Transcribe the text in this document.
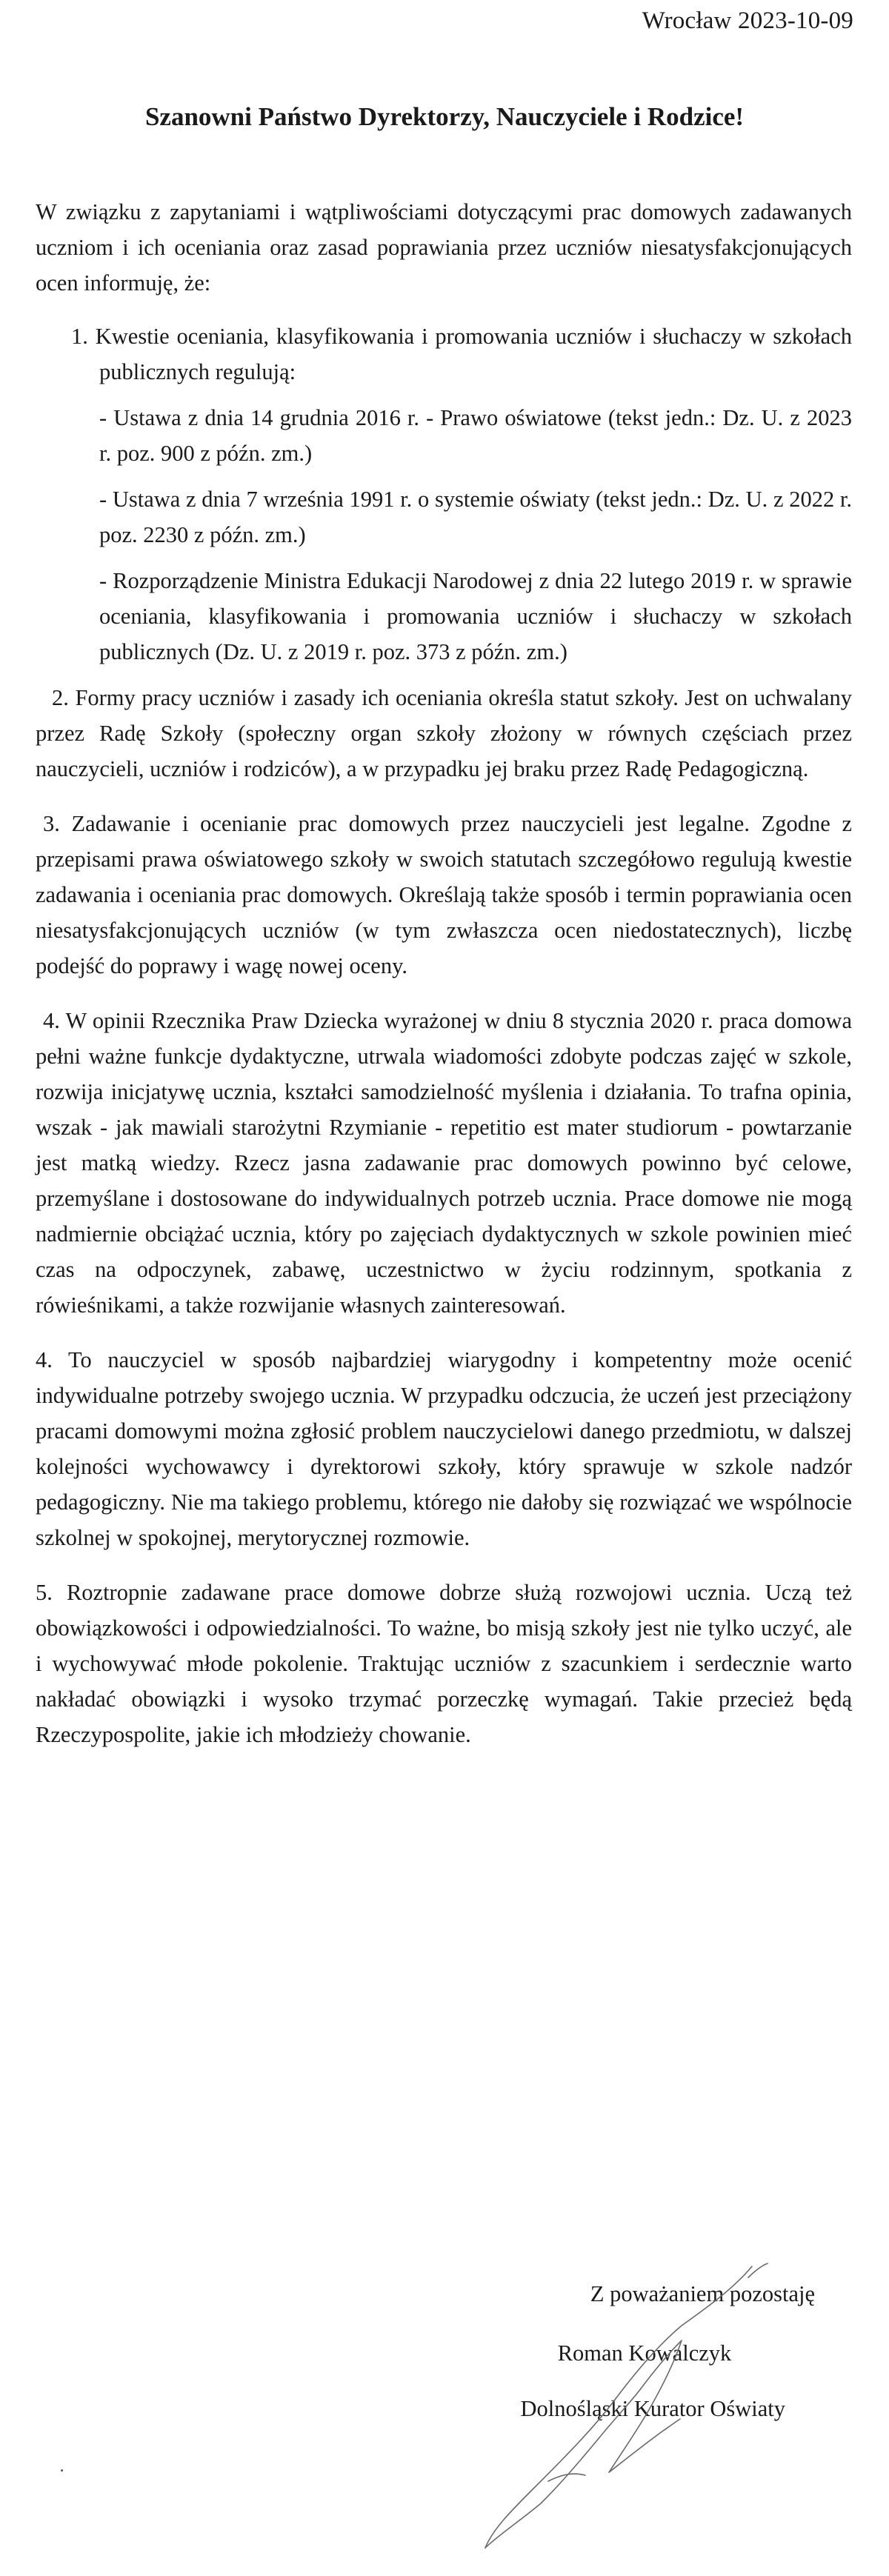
Wrocław 2023-10-09
Szanowni Państwo Dyrektorzy, Nauczyciele i Rodzice!

W związku z zapytaniami i wątpliwościami dotyczącymi prac domowych zadawanych uczniom i ich oceniania oraz zasad poprawiania przez uczniów niesatysfakcjonujących ocen informuję, że:

1. Kwestie oceniania, klasyfikowania i promowania uczniów i słuchaczy w szkołach publicznych regulują:

- Ustawa z dnia 14 grudnia 2016 r. - Prawo oświatowe (tekst jedn.: Dz. U. z 2023 r. poz. 900 z późn. zm.)

- Ustawa z dnia 7 września 1991 r. o systemie oświaty (tekst jedn.: Dz. U. z 2022 r. poz. 2230 z późn. zm.)

- Rozporządzenie Ministra Edukacji Narodowej z dnia 22 lutego 2019 r. w sprawie oceniania, klasyfikowania i promowania uczniów i słuchaczy w szkołach publicznych (Dz. U. z 2019 r. poz. 373 z późn. zm.)

2. Formy pracy uczniów i zasady ich oceniania określa statut szkoły. Jest on uchwalany przez Radę Szkoły (społeczny organ szkoły złożony w równych częściach przez nauczycieli, uczniów i rodziców), a w przypadku jej braku przez Radę Pedagogiczną.

3. Zadawanie i ocenianie prac domowych przez nauczycieli jest legalne. Zgodne z przepisami prawa oświatowego szkoły w swoich statutach szczegółowo regulują kwestie zadawania i oceniania prac domowych. Określają także sposób i termin poprawiania ocen niesatysfakcjonujących uczniów (w tym zwłaszcza ocen niedostatecznych), liczbę podejść do poprawy i wagę nowej oceny.

4. W opinii Rzecznika Praw Dziecka wyrażonej w dniu 8 stycznia 2020 r. praca domowa pełni ważne funkcje dydaktyczne, utrwala wiadomości zdobyte podczas zajęć w szkole, rozwija inicjatywę ucznia, kształci samodzielność myślenia i działania. To trafna opinia, wszak - jak mawiali starożytni Rzymianie - repetitio est mater studiorum - powtarzanie jest matką wiedzy. Rzecz jasna zadawanie prac domowych powinno być celowe, przemyślane i dostosowane do indywidualnych potrzeb ucznia. Prace domowe nie mogą nadmiernie obciążać ucznia, który po zajęciach dydaktycznych w szkole powinien mieć czas na odpoczynek, zabawę, uczestnictwo w życiu rodzinnym, spotkania z rówieśnikami, a także rozwijanie własnych zainteresowań.

4. To nauczyciel w sposób najbardziej wiarygodny i kompetentny może ocenić indywidualne potrzeby swojego ucznia. W przypadku odczucia, że uczeń jest przeciążony pracami domowymi można zgłosić problem nauczycielowi danego przedmiotu, w dalszej kolejności wychowawcy i dyrektorowi szkoły, który sprawuje w szkole nadzór pedagogiczny. Nie ma takiego problemu, którego nie dałoby się rozwiązać we wspólnocie szkolnej w spokojnej, merytorycznej rozmowie.

5. Roztropnie zadawane prace domowe dobrze służą rozwojowi ucznia. Uczą też obowiązkowości i odpowiedzialności. To ważne, bo misją szkoły jest nie tylko uczyć, ale i wychowywać młode pokolenie. Traktując uczniów z szacunkiem i serdecznie warto nakładać obowiązki i wysoko trzymać porzeczkę wymagań. Takie przecież będą Rzeczypospolite, jakie ich młodzieży chowanie.

Z poważaniem pozostaję
Roman Kowalczyk
Dolnośląski Kurator Oświaty
